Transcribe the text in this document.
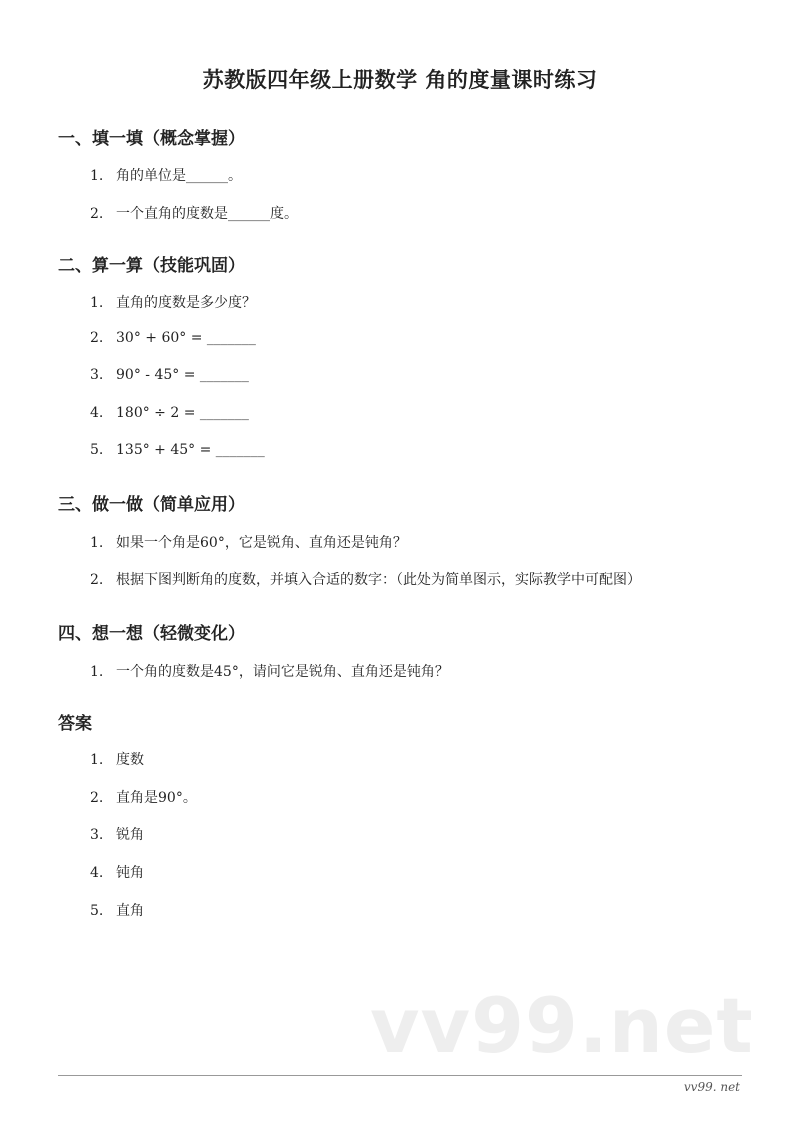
苏教版四年级上册数学 角的度量课时练习
一、填一填（概念掌握）

1. 角的单位是______。

2. 一个直角的度数是______度。

二、算一算（技能巩固）

1. 直角的度数是多少度？

2. 30° + 60° = _______

3. 90° - 45° = _______

4. 180° ÷ 2 = _______

5. 135° + 45° = _______

三、做一做（简单应用）

1. 如果一个角是60°，它是锐角、直角还是钝角？

2. 根据下图判断角的度数，并填入合适的数字：（此处为简单图示，实际教学中可配图）

四、想一想（轻微变化）

1. 一个角的度数是45°，请问它是锐角、直角还是钝角？

答案

1. 度数

2. 直角是90°。

3. 锐角

4. 钝角

5. 直角

vv99.net

vv99. net
